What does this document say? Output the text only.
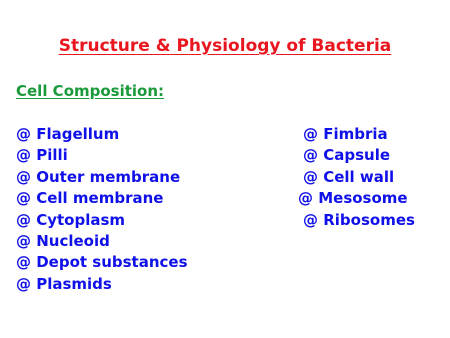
Structure & Physiology of Bacteria
Cell Composition:
@ Flagellum
@ Pilli
@ Outer membrane
@ Cell membrane
@ Cytoplasm
@ Nucleoid
@ Depot substances
@ Plasmids
@ Fimbria
@ Capsule
@ Cell wall
@ Mesosome
@ Ribosomes
